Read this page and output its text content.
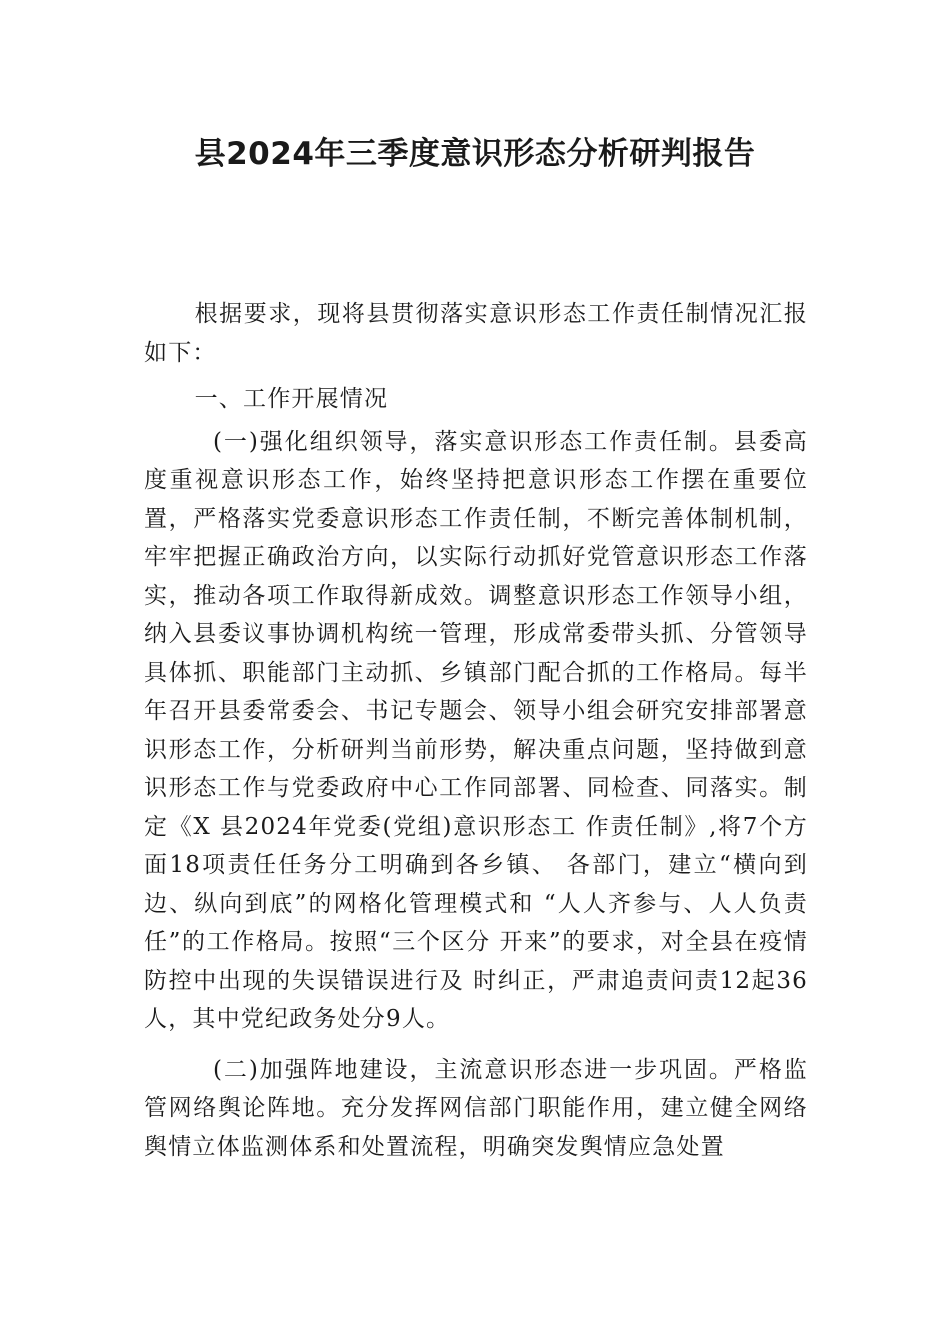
县2024年三季度意识形态分析研判报告

根据要求，现将县贯彻落实意识形态工作责任制情况汇报如下：

一、工作开展情况

(一)强化组织领导，落实意识形态工作责任制。县委高度重视意识形态工作，始终坚持把意识形态工作摆在重要位置，严格落实党委意识形态工作责任制，不断完善体制机制，牢牢把握正确政治方向，以实际行动抓好党管意识形态工作落实，推动各项工作取得新成效。调整意识形态工作领导小组，纳入县委议事协调机构统一管理，形成常委带头抓、分管领导具体抓、职能部门主动抓、乡镇部门配合抓的工作格局。每半年召开县委常委会、书记专题会、领导小组会研究安排部署意识形态工作，分析研判当前形势，解决重点问题，坚持做到意识形态工作与党委政府中心工作同部署、同检查、同落实。制定《X 县2024年党委(党组)意识形态工 作责任制》,将7个方面18项责任任务分工明确到各乡镇、 各部门，建立“横向到边、纵向到底”的网格化管理模式和 “人人齐参与、人人负责任”的工作格局。按照“三个区分 开来”的要求，对全县在疫情防控中出现的失误错误进行及 时纠正，严肃追责问责12起36人，其中党纪政务处分9人。

(二)加强阵地建设，主流意识形态进一步巩固。严格监管网络舆论阵地。充分发挥网信部门职能作用，建立健全网络舆情立体监测体系和处置流程，明确突发舆情应急处置
